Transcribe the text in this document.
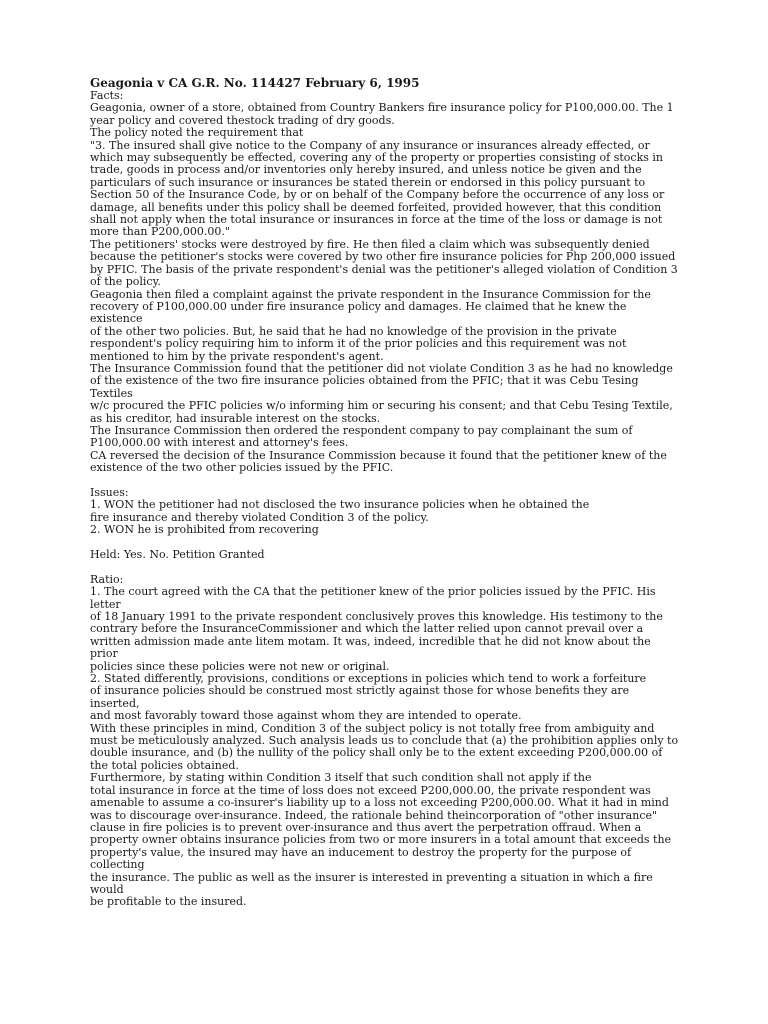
Geagonia v CA G.R. No. 114427 February 6, 1995

Facts:

Geagonia, owner of a store, obtained from Country Bankers fire insurance policy for P100,000.00. The 1

year policy and covered thestock trading of dry goods.

The policy noted the requirement that

"3. The insured shall give notice to the Company of any insurance or insurances already effected, or

which may subsequently be effected, covering any of the property or properties consisting of stocks in

trade, goods in process and/or inventories only hereby insured, and unless notice be given and the

particulars of such insurance or insurances be stated therein or endorsed in this policy pursuant to

Section 50 of the Insurance Code, by or on behalf of the Company before the occurrence of any loss or

damage, all benefits under this policy shall be deemed forfeited, provided however, that this condition

shall not apply when the total insurance or insurances in force at the time of the loss or damage is not

more than P200,000.00."

The petitioners' stocks were destroyed by fire. He then filed a claim which was subsequently denied

because the petitioner's stocks were covered by two other fire insurance policies for Php 200,000 issued

by PFIC. The basis of the private respondent's denial was the petitioner's alleged violation of Condition 3

of the policy.

Geagonia then filed a complaint against the private respondent in the Insurance Commission for the

recovery of P100,000.00 under fire insurance policy and damages. He claimed that he knew the existence

of the other two policies. But, he said that he had no knowledge of the provision in the private

respondent's policy requiring him to inform it of the prior policies and this requirement was not

mentioned to him by the private respondent's agent.

The Insurance Commission found that the petitioner did not violate Condition 3 as he had no knowledge

of the existence of the two fire insurance policies obtained from the PFIC; that it was Cebu Tesing Textiles

w/c procured the PFIC policies w/o informing him or securing his consent; and that Cebu Tesing Textile,

as his creditor, had insurable interest on the stocks.

The Insurance Commission then ordered the respondent company to pay complainant the sum of

P100,000.00 with interest and attorney's fees.

CA reversed the decision of the Insurance Commission because it found that the petitioner knew of the

existence of the two other policies issued by the PFIC.

Issues:

1. WON the petitioner had not disclosed the two insurance policies when he obtained the

fire insurance and thereby violated Condition 3 of the policy.

2. WON he is prohibited from recovering

Held: Yes. No. Petition Granted

Ratio:

1. The court agreed with the CA that the petitioner knew of the prior policies issued by the PFIC. His letter

of 18 January 1991 to the private respondent conclusively proves this knowledge. His testimony to the

contrary before the InsuranceCommissioner and which the latter relied upon cannot prevail over a

written admission made ante litem motam. It was, indeed, incredible that he did not know about the prior

policies since these policies were not new or original.

2. Stated differently, provisions, conditions or exceptions in policies which tend to work a forfeiture

of insurance policies should be construed most strictly against those for whose benefits they are inserted,

and most favorably toward those against whom they are intended to operate.

With these principles in mind, Condition 3 of the subject policy is not totally free from ambiguity and

must be meticulously analyzed. Such analysis leads us to conclude that (a) the prohibition applies only to

double insurance, and (b) the nullity of the policy shall only be to the extent exceeding P200,000.00 of

the total policies obtained.

Furthermore, by stating within Condition 3 itself that such condition shall not apply if the

total insurance in force at the time of loss does not exceed P200,000.00, the private respondent was

amenable to assume a co-insurer's liability up to a loss not exceeding P200,000.00. What it had in mind

was to discourage over-insurance. Indeed, the rationale behind theincorporation of "other insurance"

clause in fire policies is to prevent over-insurance and thus avert the perpetration offraud. When a

property owner obtains insurance policies from two or more insurers in a total amount that exceeds the

property's value, the insured may have an inducement to destroy the property for the purpose of collecting

the insurance. The public as well as the insurer is interested in preventing a situation in which a fire would

be profitable to the insured.
